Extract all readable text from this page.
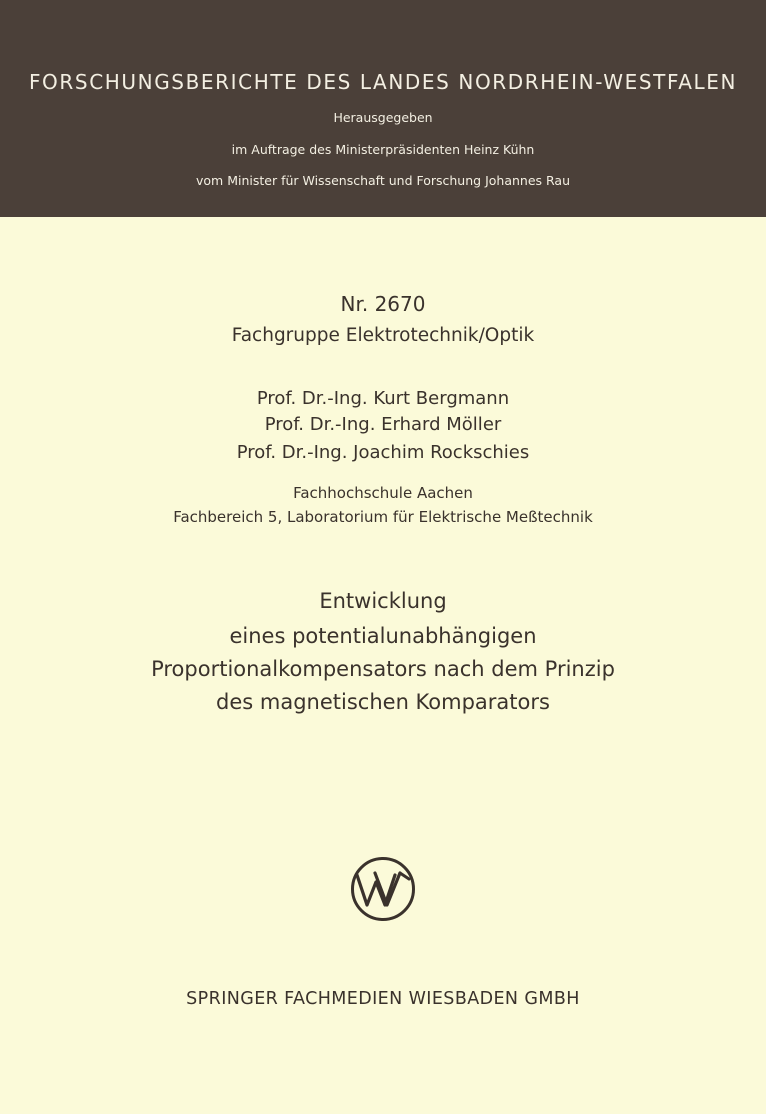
FORSCHUNGSBERICHTE DES LANDES NORDRHEIN-WESTFALEN
Herausgegeben
im Auftrage des Ministerpräsidenten Heinz Kühn
vom Minister für Wissenschaft und Forschung Johannes Rau
Nr. 2670
Fachgruppe Elektrotechnik/Optik
Prof. Dr.-Ing. Kurt Bergmann
Prof. Dr.-Ing. Erhard Möller
Prof. Dr.-Ing. Joachim Rockschies
Fachhochschule Aachen
Fachbereich 5, Laboratorium für Elektrische Meßtechnik
Entwicklung
eines potentialunabhängigen
Proportionalkompensators nach dem Prinzip
des magnetischen Komparators
SPRINGER FACHMEDIEN WIESBADEN GMBH
